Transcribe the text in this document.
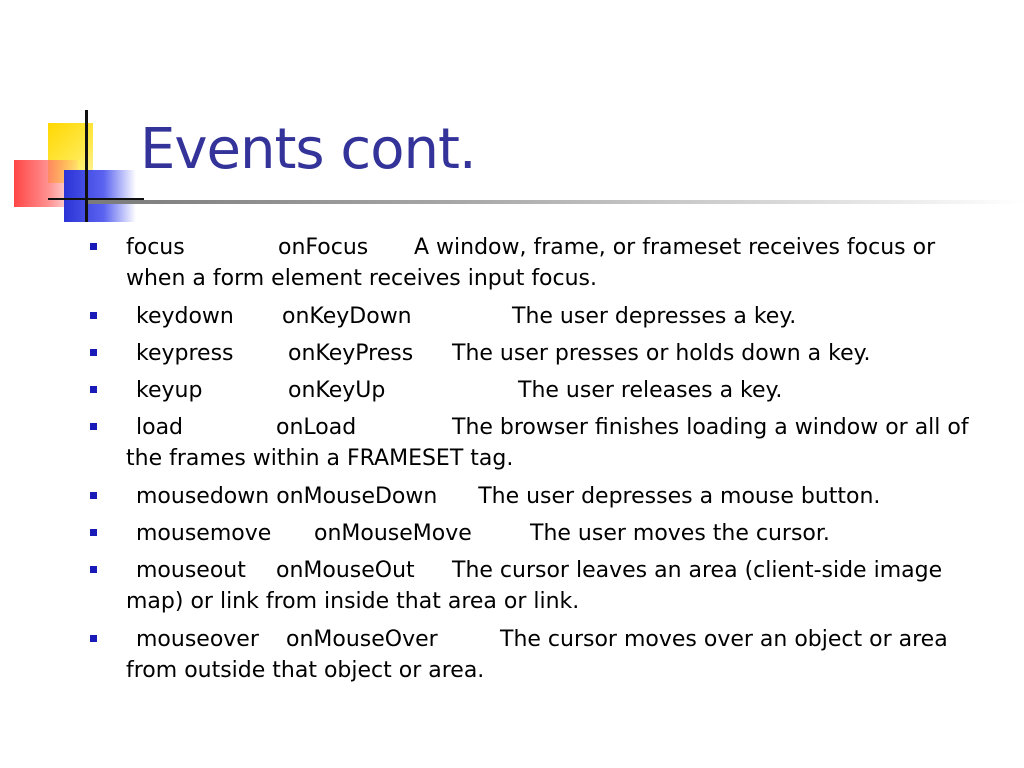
Events cont.
focus	onFocus A window, frame, or frameset receives focus or when a form element receives input focus.
keydown onKeyDown	The user depresses a key.
keypress onKeyPress The user presses or holds down a key.
keyup	onKeyUp	The user releases a key.
load	onLoad	The browser finishes loading a window or all of the frames within a FRAMESET tag.
mousedown onMouseDown The user depresses a mouse button.
mousemove onMouseMove	The user moves the cursor.
mouseout onMouseOut The cursor leaves an area (client-side image map) or link from inside that area or link.
mouseover onMouseOver	The cursor moves over an object or area from outside that object or area.
